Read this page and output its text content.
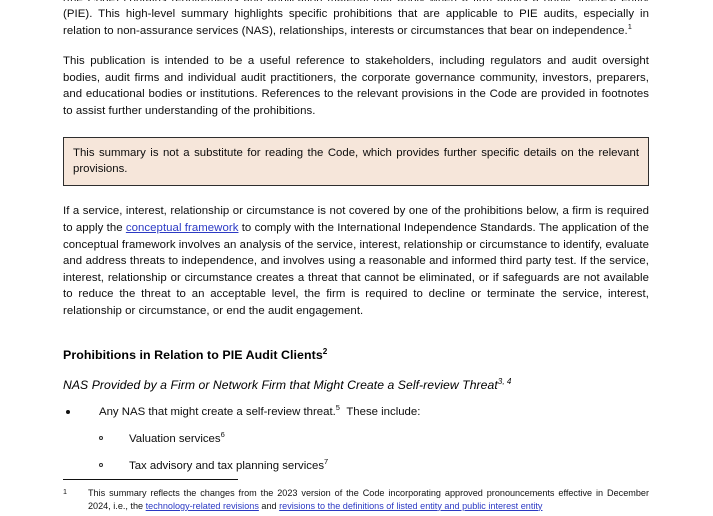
(PIE). This high-level summary highlights specific prohibitions that are applicable to PIE audits, especially in relation to non-assurance services (NAS), relationships, interests or circumstances that bear on independence.$^1$

This publication is intended to be a useful reference to stakeholders, including regulators and audit oversight bodies, audit firms and individual audit practitioners, the corporate governance community, investors, preparers, and educational bodies or institutions. References to the relevant provisions in the Code are provided in footnotes to assist further understanding of the prohibitions.

This summary is not a substitute for reading the Code, which provides further specific details on the relevant provisions.

If a service, interest, relationship or circumstance is not covered by one of the prohibitions below, a firm is required to apply the conceptual framework to comply with the International Independence Standards. The application of the conceptual framework involves an analysis of the service, interest, relationship or circumstance to identify, evaluate and address threats to independence, and involves using a reasonable and informed third party test. If the service, interest, relationship or circumstance creates a threat that cannot be eliminated, or if safeguards are not available to reduce the threat to an acceptable level, the firm is required to decline or terminate the service, interest, relationship or circumstance, or end the audit engagement.

Prohibitions in Relation to PIE Audit Clients$^2$
NAS Provided by a Firm or Network Firm that Might Create a Self-review Threat$^{3, 4}$
Any NAS that might create a self-review threat.$^5$ These include:
Valuation services$^6$
Tax advisory and tax planning services$^7$
1 This summary reflects the changes from the 2023 version of the Code incorporating approved pronouncements effective in December 2024, i.e., the technology-related revisions and revisions to the definitions of listed entity and public interest entity
